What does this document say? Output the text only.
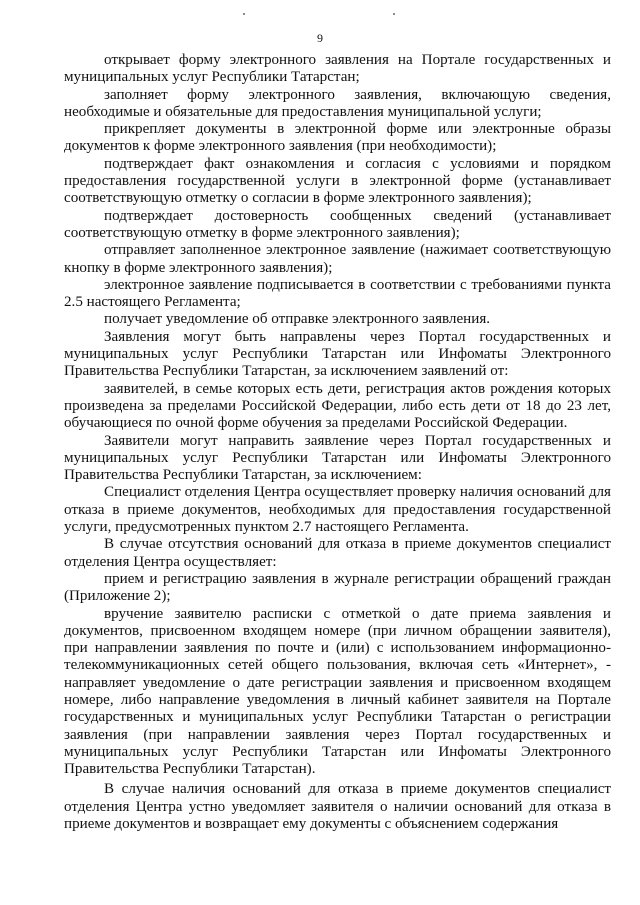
9

открывает форму электронного заявления на Портале государственных и муниципальных услуг Республики Татарстан;

заполняет форму электронного заявления, включающую сведения, необходимые и обязательные для предоставления муниципальной услуги;

прикрепляет документы в электронной форме или электронные образы документов к форме электронного заявления (при необходимости);

подтверждает факт ознакомления и согласия с условиями и порядком предоставления государственной услуги в электронной форме (устанавливает соответствующую отметку о согласии в форме электронного заявления);

подтверждает достоверность сообщенных сведений (устанавливает соответствующую отметку в форме электронного заявления);

отправляет заполненное электронное заявление (нажимает соответствующую кнопку в форме электронного заявления);

электронное заявление подписывается в соответствии с требованиями пункта 2.5 настоящего Регламента;

получает уведомление об отправке электронного заявления.

Заявления могут быть направлены через Портал государственных и муниципальных услуг Республики Татарстан или Инфоматы Электронного Правительства Республики Татарстан, за исключением заявлений от:

заявителей, в семье которых есть дети, регистрация актов рождения которых произведена за пределами Российской Федерации, либо есть дети от 18 до 23 лет, обучающиеся по очной форме обучения за пределами Российской Федерации.

Заявители могут направить заявление через Портал государственных и муниципальных услуг Республики Татарстан или Инфоматы Электронного Правительства Республики Татарстан, за исключением:

Специалист отделения Центра осуществляет проверку наличия оснований для отказа в приеме документов, необходимых для предоставления государственной услуги, предусмотренных пунктом 2.7 настоящего Регламента.

В случае отсутствия оснований для отказа в приеме документов специалист отделения Центра осуществляет:

прием и регистрацию заявления в журнале регистрации обращений граждан (Приложение 2);

вручение заявителю расписки с отметкой о дате приема заявления и документов, присвоенном входящем номере (при личном обращении заявителя), при направлении заявления по почте и (или) с использованием информационно-телекоммуникационных сетей общего пользования, включая сеть «Интернет», - направляет уведомление о дате регистрации заявления и присвоенном входящем номере, либо направление уведомления в личный кабинет заявителя на Портале государственных и муниципальных услуг Республики Татарстан о регистрации заявления (при направлении заявления через Портал государственных и муниципальных услуг Республики Татарстан или Инфоматы Электронного Правительства Республики Татарстан).

В случае наличия оснований для отказа в приеме документов специалист отделения Центра устно уведомляет заявителя о наличии оснований для отказа в приеме документов и возвращает ему документы с объяснением содержания
